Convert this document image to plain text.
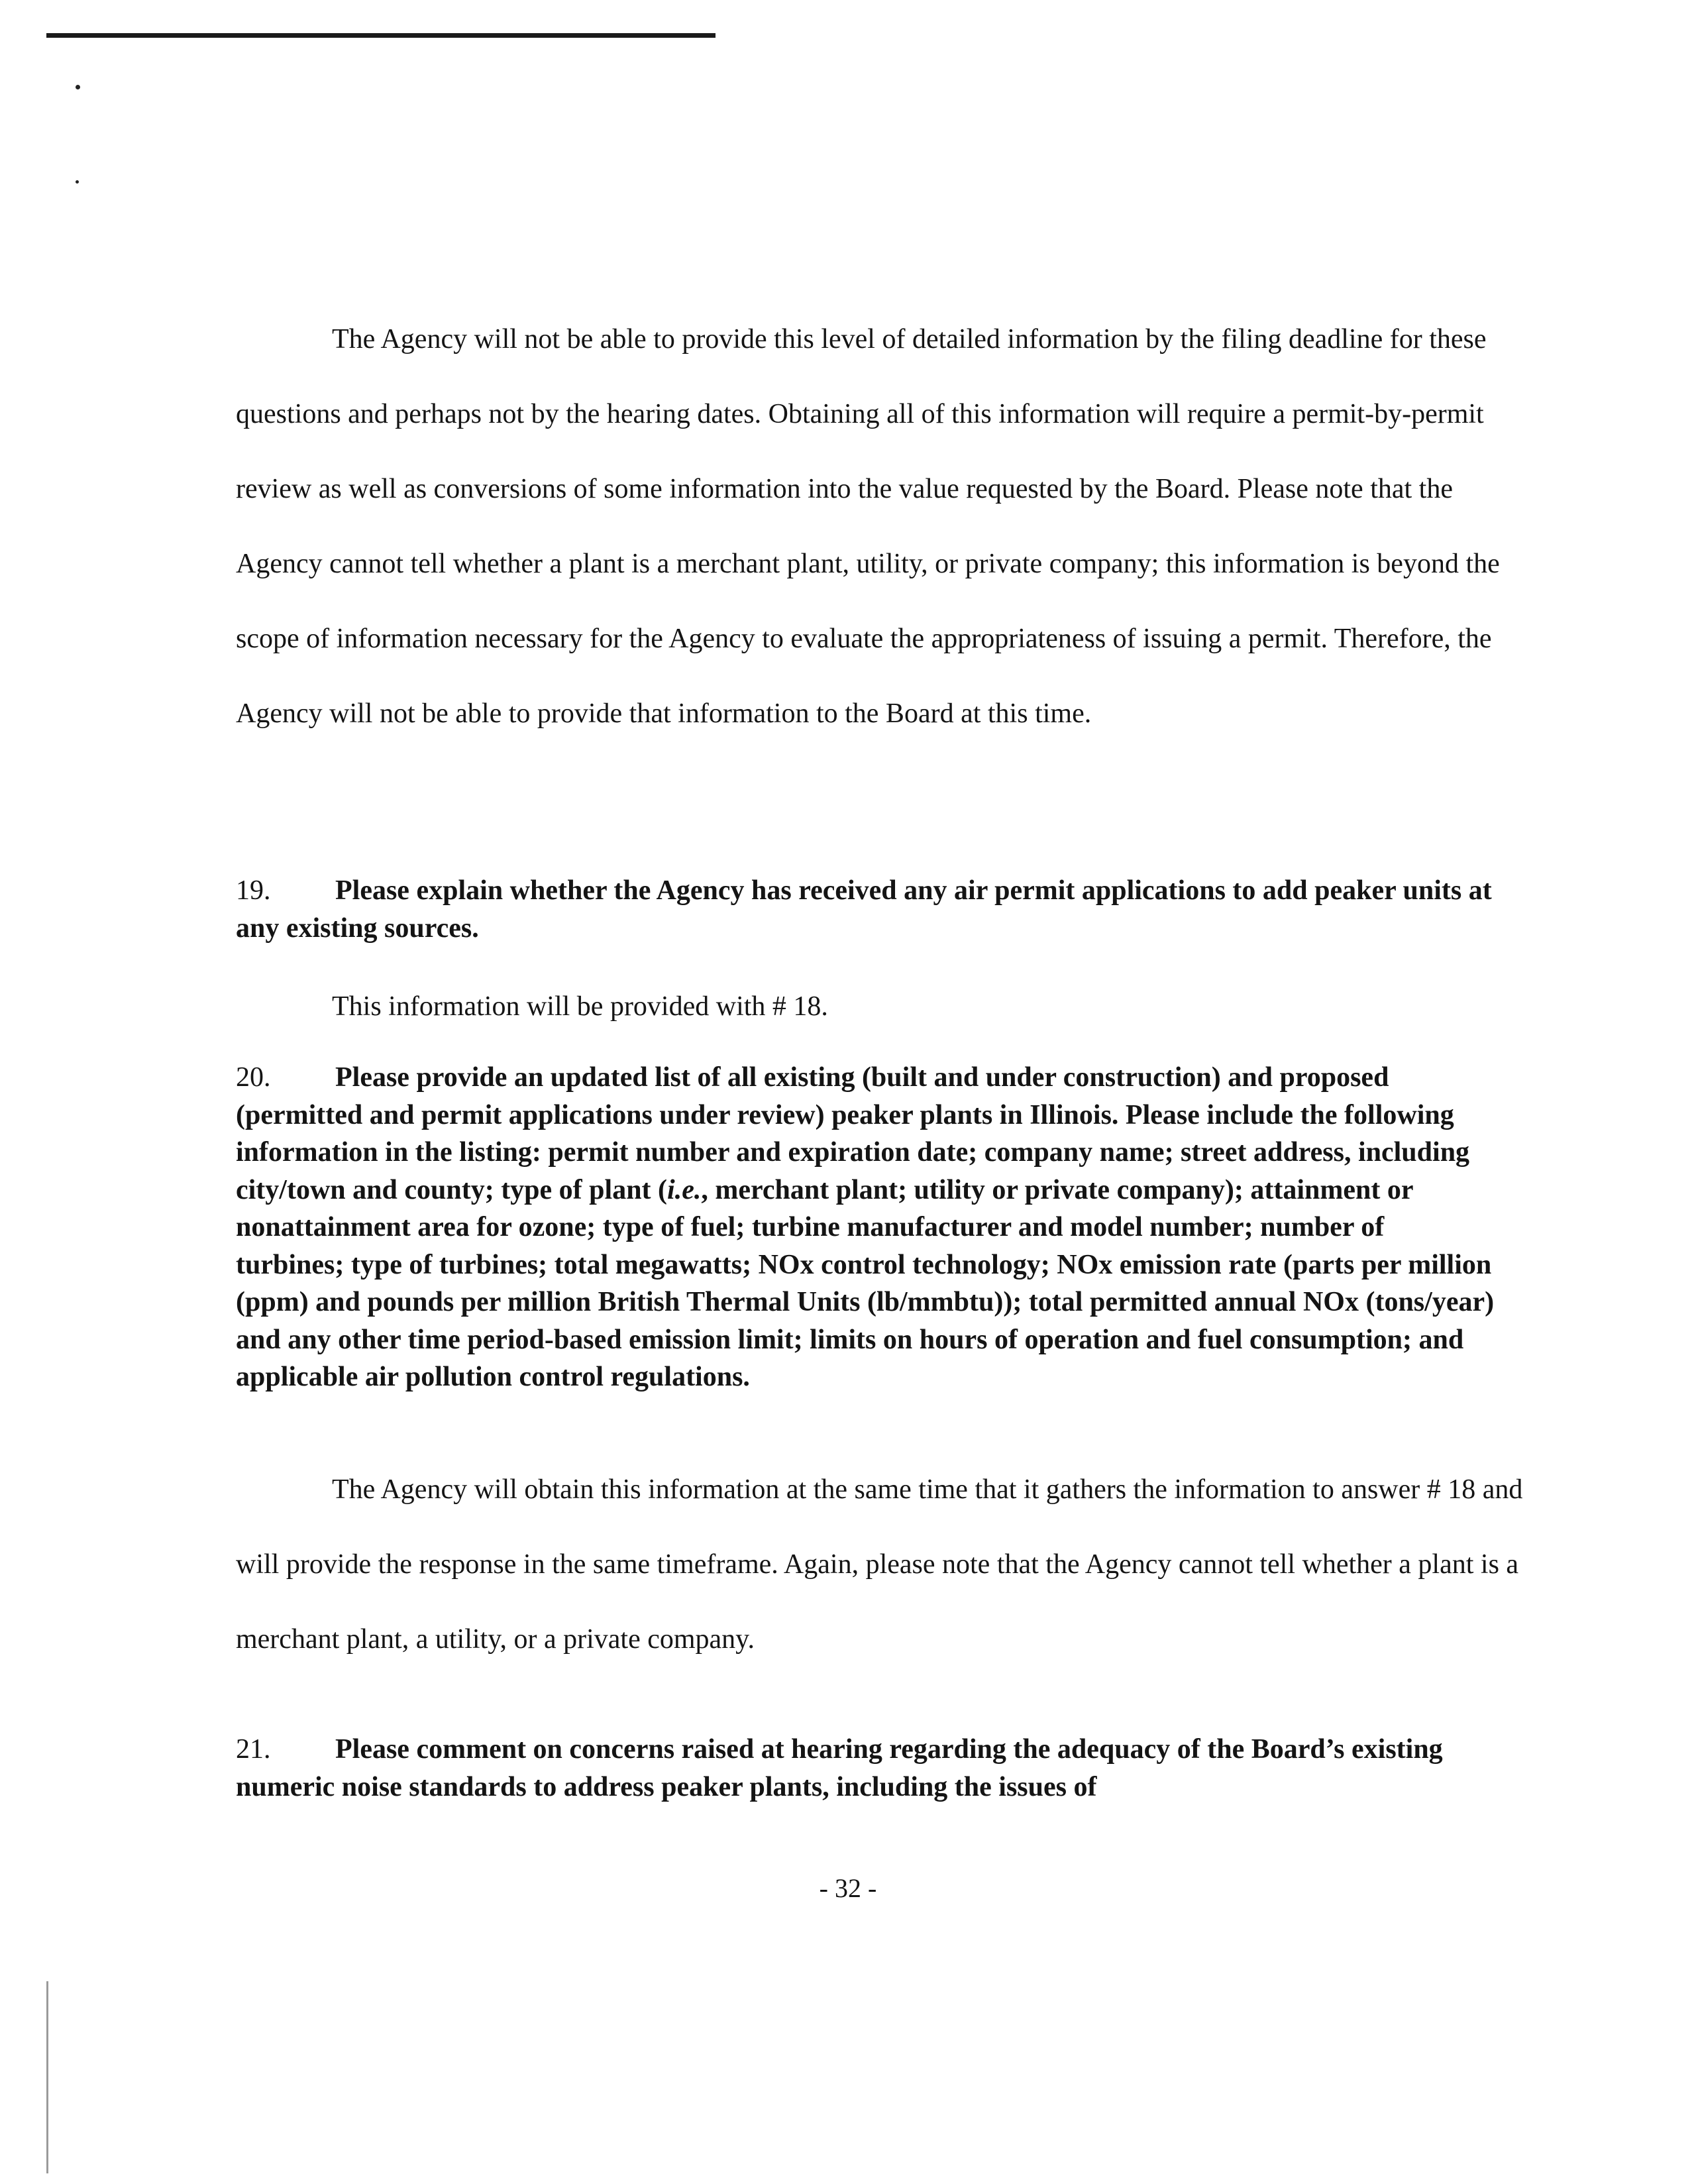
The Agency will not be able to provide this level of detailed information by the filing deadline for these questions and perhaps not by the hearing dates. Obtaining all of this information will require a permit-by-permit review as well as conversions of some information into the value requested by the Board. Please note that the Agency cannot tell whether a plant is a merchant plant, utility, or private company; this information is beyond the scope of information necessary for the Agency to evaluate the appropriateness of issuing a permit. Therefore, the Agency will not be able to provide that information to the Board at this time.

19. Please explain whether the Agency has received any air permit applications to add peaker units at any existing sources.

This information will be provided with # 18.

20. Please provide an updated list of all existing (built and under construction) and proposed (permitted and permit applications under review) peaker plants in Illinois. Please include the following information in the listing: permit number and expiration date; company name; street address, including city/town and county; type of plant (i.e., merchant plant; utility or private company); attainment or nonattainment area for ozone; type of fuel; turbine manufacturer and model number; number of turbines; type of turbines; total megawatts; NOx control technology; NOx emission rate (parts per million (ppm) and pounds per million British Thermal Units (lb/mmbtu)); total permitted annual NOx (tons/year) and any other time period-based emission limit; limits on hours of operation and fuel consumption; and applicable air pollution control regulations.

The Agency will obtain this information at the same time that it gathers the information to answer # 18 and will provide the response in the same timeframe. Again, please note that the Agency cannot tell whether a plant is a merchant plant, a utility, or a private company.

21. Please comment on concerns raised at hearing regarding the adequacy of the Board’s existing numeric noise standards to address peaker plants, including the issues of

- 32 -
